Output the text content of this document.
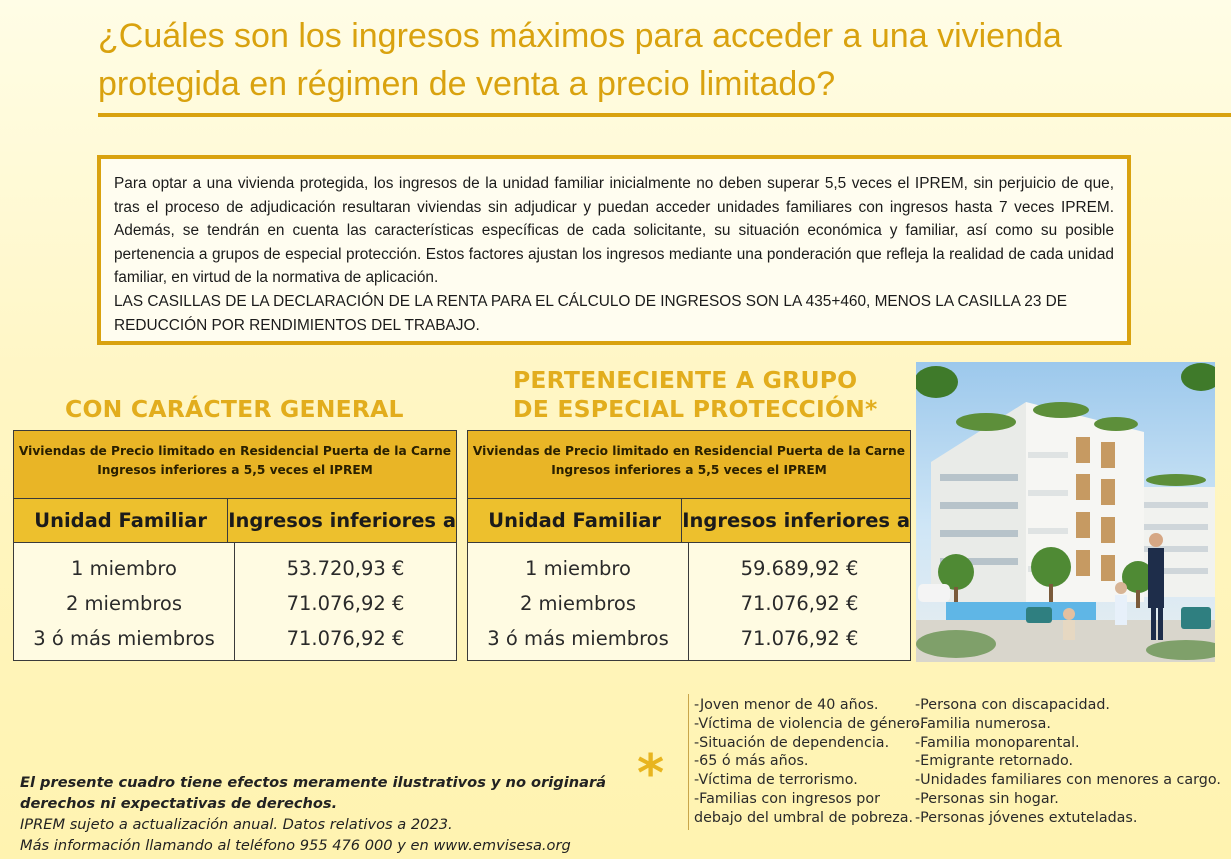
¿Cuáles son los ingresos máximos para acceder a una vivienda protegida en régimen de venta a precio limitado?

Para optar a una vivienda protegida, los ingresos de la unidad familiar inicialmente no deben superar 5,5 veces el IPREM, sin perjuicio de que, tras el proceso de adjudicación resultaran viviendas sin adjudicar y puedan acceder unidades familiares con ingresos hasta 7 veces IPREM. Además, se tendrán en cuenta las características específicas de cada solicitante, su situación económica y familiar, así como su posible pertenencia a grupos de especial protección. Estos factores ajustan los ingresos mediante una ponderación que refleja la realidad de cada unidad familiar, en virtud de la normativa de aplicación.

LAS CASILLAS DE LA DECLARACIÓN DE LA RENTA PARA EL CÁLCULO DE INGRESOS SON LA 435+460, MENOS LA CASILLA 23 DE REDUCCIÓN POR RENDIMIENTOS DEL TRABAJO.

CON CARÁCTER GENERAL
PERTENECIENTE A GRUPO
DE ESPECIAL PROTECCIÓN*
Viviendas de Precio limitado en Residencial Puerta de la Carne
Ingresos inferiores a 5,5 veces el IPREM
Unidad Familiar	Ingresos inferiores a
1 miembro
2 miembros
3 ó más miembros
53.720,93 €
71.076,92 €
71.076,92 €
Viviendas de Precio limitado en Residencial Puerta de la Carne
Ingresos inferiores a 5,5 veces el IPREM
Unidad Familiar	Ingresos inferiores a
1 miembro
2 miembros
3 ó más miembros
59.689,92 €
71.076,92 €
71.076,92 €
*
-Joven menor de 40 años.
-Víctima de violencia de género.
-Situación de dependencia.
-65 ó más años.
-Víctima de terrorismo.
-Familias con ingresos por
debajo del umbral de pobreza.
-Persona con discapacidad.
-Familia numerosa.
-Familia monoparental.
-Emigrante retornado.
-Unidades familiares con menores a cargo.
-Personas sin hogar.
-Personas jóvenes extuteladas.
El presente cuadro tiene efectos meramente ilustrativos y no originará derechos ni expectativas de derechos.
IPREM sujeto a actualización anual. Datos relativos a 2023.
Más información llamando al teléfono 955 476 000 y en www.emvisesa.org
